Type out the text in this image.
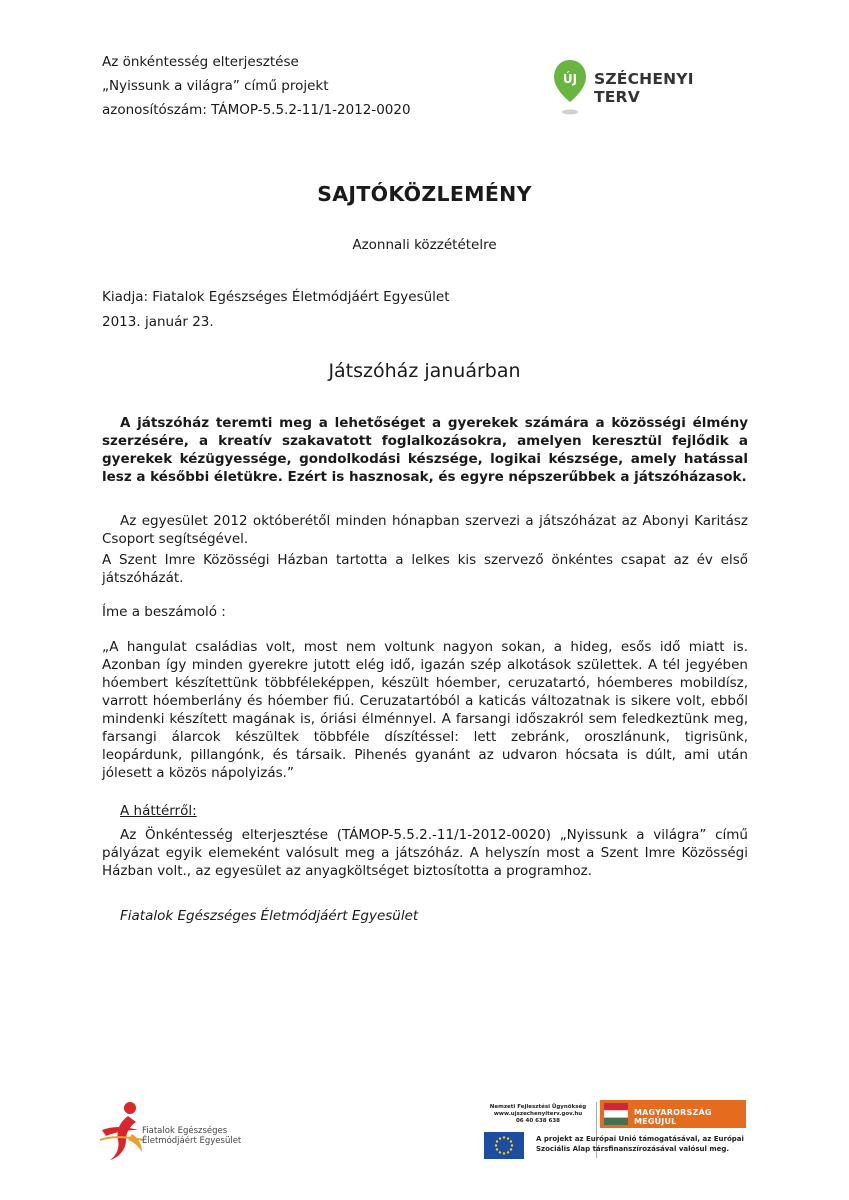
Az önkéntesség elterjesztése
„Nyissunk a világra” című projekt
azonosítószám: TÁMOP-5.5.2-11/1-2012-0020
ÚJ SZÉCHENYI TERV
SAJTÓKÖZLEMÉNY
Azonnali közzétételre
Kiadja: Fiatalok Egészséges Életmódjáért Egyesület
2013. január 23.
Játszóház januárban
A játszóház teremti meg a lehetőséget a gyerekek számára a közösségi élmény szerzésére, a kreatív szakavatott foglalkozásokra, amelyen keresztül fejlődik a gyerekek kézügyessége, gondolkodási készsége, logikai készsége, amely hatással lesz a későbbi életükre. Ezért is hasznosak, és egyre népszerűbbek a játszóházasok.
Az egyesület 2012 októberétől minden hónapban szervezi a játszóházat az Abonyi Karitász Csoport segítségével.
A Szent Imre Közösségi Házban tartotta a lelkes kis szervező önkéntes csapat az év első játszóházát.
Íme a beszámoló :
„A hangulat családias volt, most nem voltunk nagyon sokan, a hideg, esős idő miatt is. Azonban így minden gyerekre jutott elég idő, igazán szép alkotások születtek. A tél jegyében hóembert készítettünk többféleképpen, készült hóember, ceruzatartó, hóemberes mobildísz, varrott hóemberlány és hóember fiú. Ceruzatartóból a katicás változatnak is sikere volt, ebből mindenki készített magának is, óriási élménnyel. A farsangi időszakról sem feledkeztünk meg, farsangi álarcok készültek többféle díszítéssel: lett zebránk, oroszlánunk, tigrisünk, leopárdunk, pillangónk, és társaik. Pihenés gyanánt az udvaron hócsata is dúlt, ami után jólesett a közös nápolyizás.”
A háttérről:
Az Önkéntesség elterjesztése (TÁMOP-5.5.2.-11/1-2012-0020) „Nyissunk a világra” című pályázat egyik elemeként valósult meg a játszóház. A helyszín most a Szent Imre Közösségi Házban volt., az egyesület az anyagköltséget biztosította a programhoz.
Fiatalok Egészséges Életmódjáért Egyesület
Fiatalok Egészséges
Életmódjáért Egyesület
Nemzeti Fejlesztési Ügynökség
www.ujszechenyiterv.gov.hu
06 40 638 638
MAGYARORSZÁG MEGÚJUL
A projekt az Európai Unió támogatásával, az Európai
Szociális Alap társfinanszírozásával valósul meg.
